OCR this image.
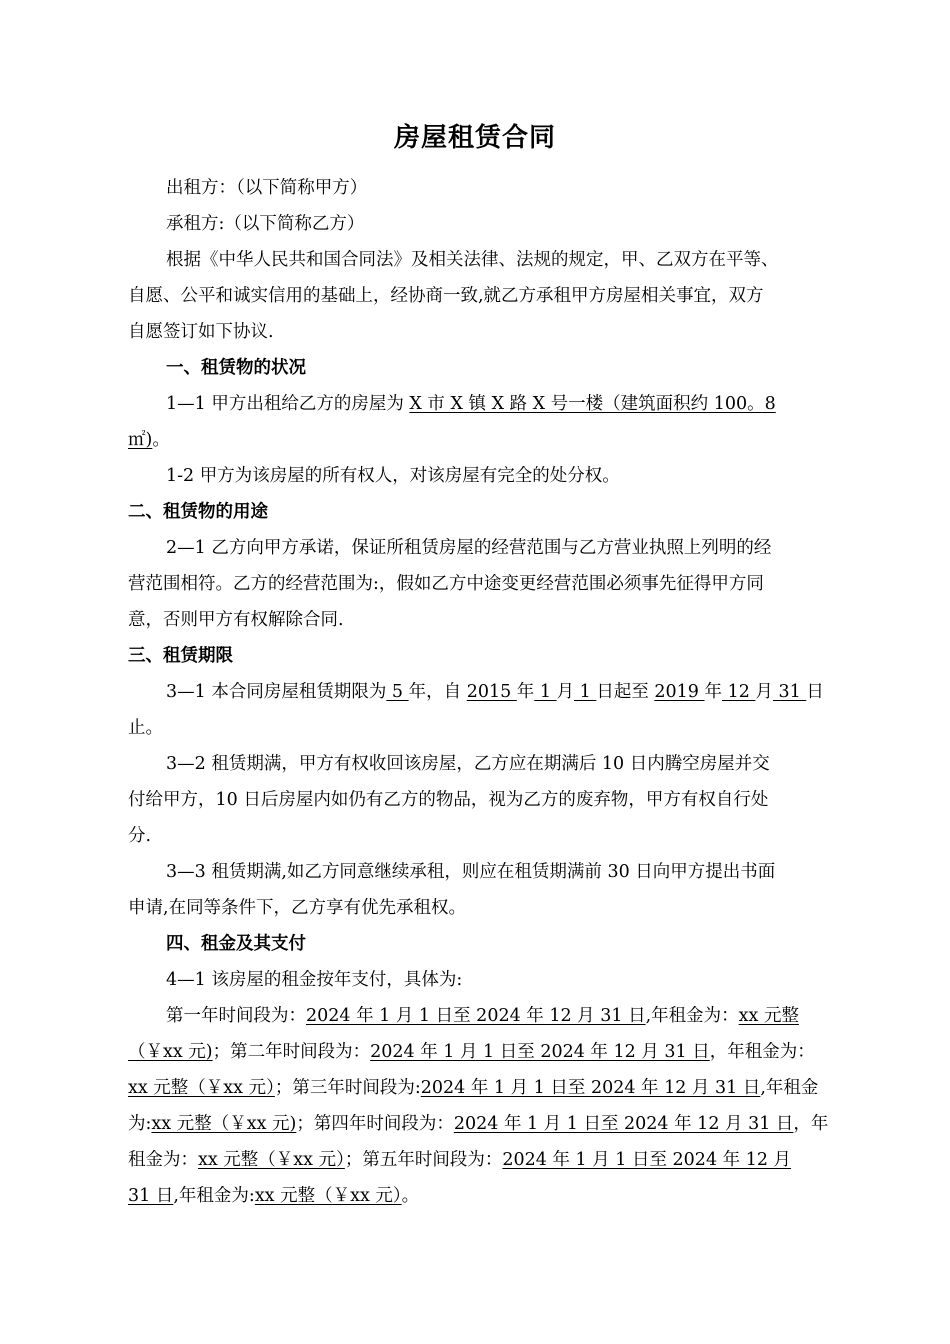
房屋租赁合同
出租方：（以下简称甲方）
承租方:（以下简称乙方）
根据《中华人民共和国合同法》及相关法律、法规的规定，甲、乙双方在平等、
自愿、公平和诚实信用的基础上，经协商一致,就乙方承租甲方房屋相关事宜，双方
自愿签订如下协议.
一、租赁物的状况
1—1 甲方出租给乙方的房屋为 X 市 X 镇 X 路 X 号一楼（建筑面积约 100。8
㎡)。
1-2 甲方为该房屋的所有权人，对该房屋有完全的处分权。
二、租赁物的用途
2—1 乙方向甲方承诺，保证所租赁房屋的经营范围与乙方营业执照上列明的经
营范围相符。乙方的经营范围为:，假如乙方中途变更经营范围必须事先征得甲方同
意，否则甲方有权解除合同.
三、租赁期限
3—1 本合同房屋租赁期限为 5 年，自 2015 年 1 月 1 日起至 2019 年 12 月 31 日
止。
3—2 租赁期满，甲方有权收回该房屋，乙方应在期满后 10 日内腾空房屋并交
付给甲方，10 日后房屋内如仍有乙方的物品，视为乙方的废弃物，甲方有权自行处
分.
3—3 租赁期满,如乙方同意继续承租，则应在租赁期满前 30 日向甲方提出书面
申请,在同等条件下，乙方享有优先承租权。
四、租金及其支付
4—1 该房屋的租金按年支付，具体为:
第一年时间段为：2024 年 1 月 1 日至 2024 年 12 月 31 日,年租金为：xx 元整
（￥xx 元)；第二年时间段为：2024 年 1 月 1 日至 2024 年 12 月 31 日，年租金为：
xx 元整（￥xx 元）；第三年时间段为:2024 年 1 月 1 日至 2024 年 12 月 31 日,年租金
为:xx 元整（￥xx 元)；第四年时间段为：2024 年 1 月 1 日至 2024 年 12 月 31 日，年
租金为：xx 元整（￥xx 元）；第五年时间段为：2024 年 1 月 1 日至 2024 年 12 月
31 日,年租金为:xx 元整（￥xx 元）。
